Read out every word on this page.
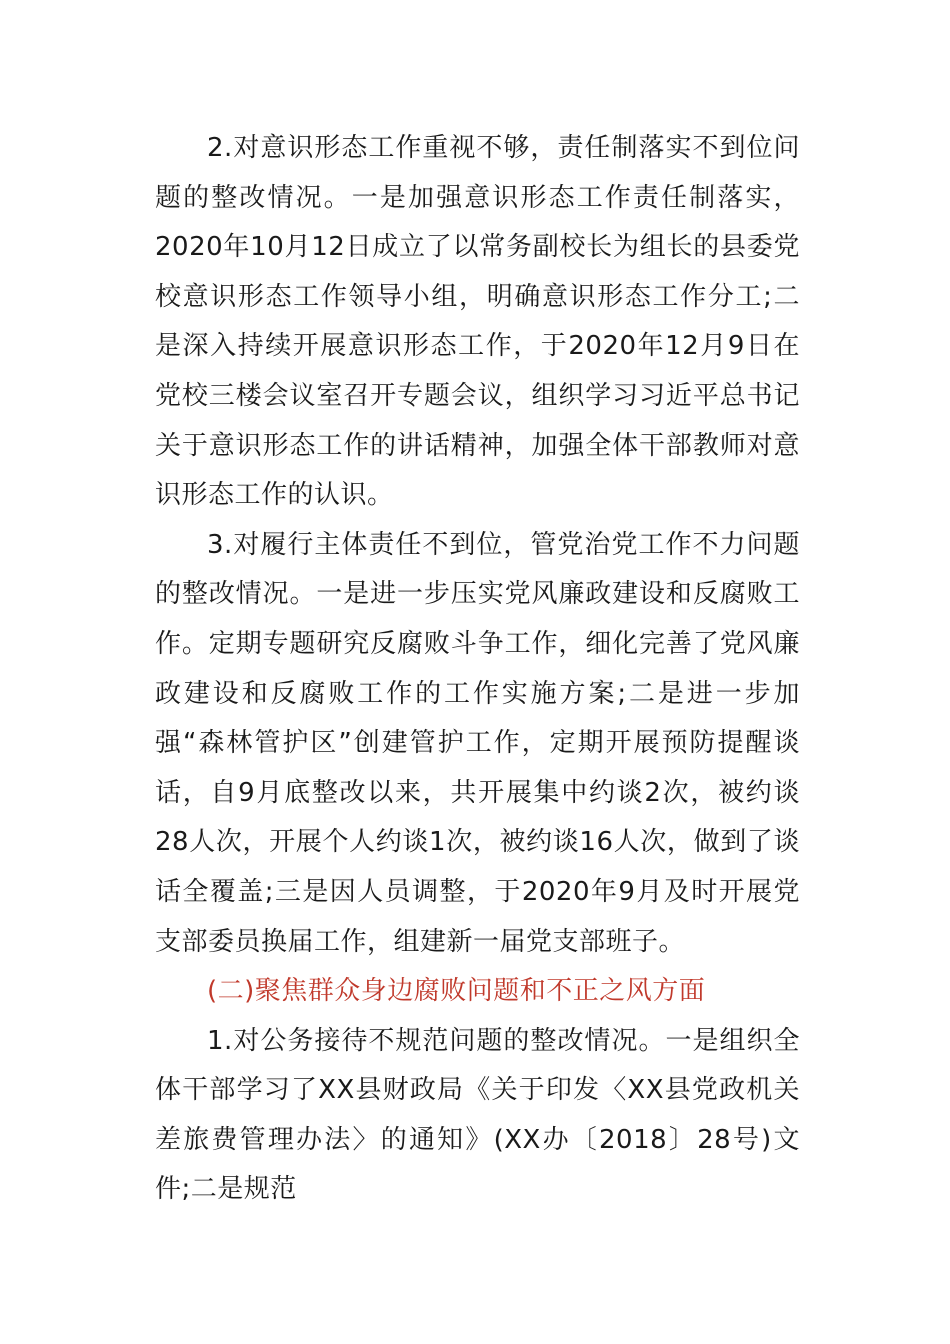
2.对意识形态工作重视不够，责任制落实不到位问题的整改情况。一是加强意识形态工作责任制落实，2020年10月12日成立了以常务副校长为组长的县委党校意识形态工作领导小组，明确意识形态工作分工;二是深入持续开展意识形态工作，于2020年12月9日在党校三楼会议室召开专题会议，组织学习习近平总书记关于意识形态工作的讲话精神，加强全体干部教师对意识形态工作的认识。

3.对履行主体责任不到位，管党治党工作不力问题的整改情况。一是进一步压实党风廉政建设和反腐败工作。定期专题研究反腐败斗争工作，细化完善了党风廉政建设和反腐败工作的工作实施方案;二是进一步加强“森林管护区”创建管护工作，定期开展预防提醒谈话，自9月底整改以来，共开展集中约谈2次，被约谈28人次，开展个人约谈1次，被约谈16人次，做到了谈话全覆盖;三是因人员调整，于2020年9月及时开展党支部委员换届工作，组建新一届党支部班子。

(二)聚焦群众身边腐败问题和不正之风方面

1.对公务接待不规范问题的整改情况。一是组织全体干部学习了XX县财政局《关于印发〈XX县党政机关差旅费管理办法〉的通知》(XX办〔2018〕28号)文件;二是规范
